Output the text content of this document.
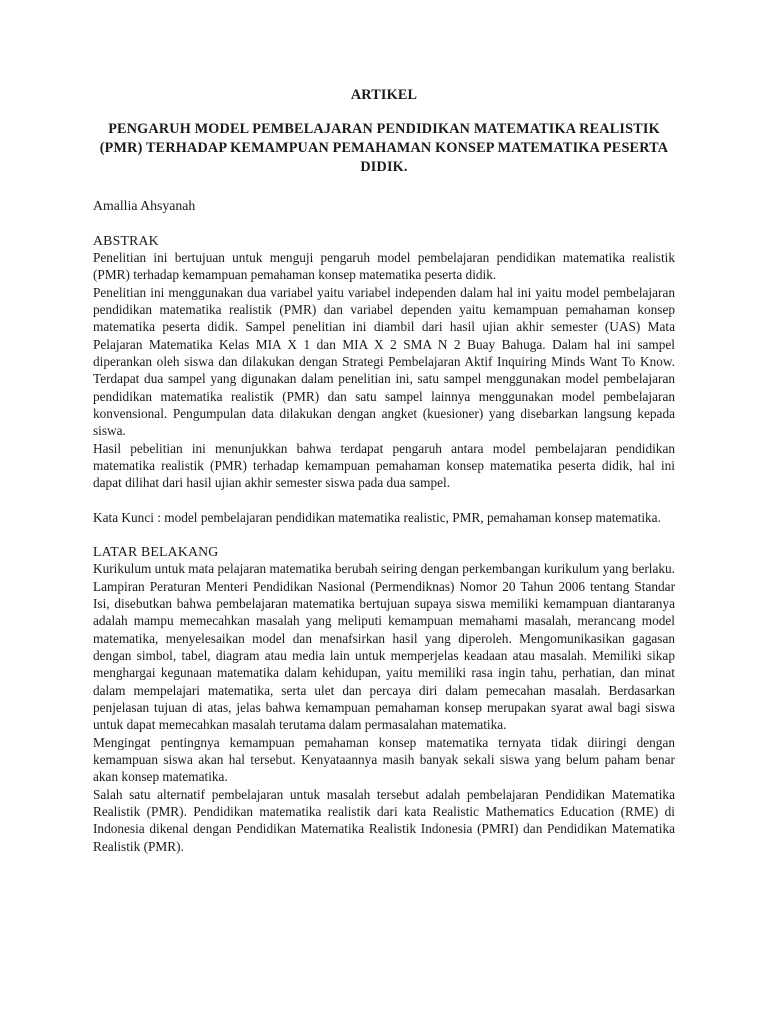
ARTIKEL

PENGARUH MODEL PEMBELAJARAN PENDIDIKAN MATEMATIKA REALISTIK (PMR) TERHADAP KEMAMPUAN PEMAHAMAN KONSEP MATEMATIKA PESERTA DIDIK.

Amallia Ahsyanah

ABSTRAK

Penelitian ini bertujuan untuk menguji pengaruh model pembelajaran pendidikan matematika realistik (PMR) terhadap kemampuan pemahaman konsep matematika peserta didik.

Penelitian ini menggunakan dua variabel yaitu variabel independen dalam hal ini yaitu model pembelajaran pendidikan matematika realistik (PMR) dan variabel dependen yaitu kemampuan pemahaman konsep matematika peserta didik. Sampel penelitian ini diambil dari hasil ujian akhir semester (UAS) Mata Pelajaran Matematika Kelas MIA X 1 dan MIA X 2 SMA N 2 Buay Bahuga. Dalam hal ini sampel diperankan oleh siswa dan dilakukan dengan Strategi Pembelajaran Aktif Inquiring Minds Want To Know. Terdapat dua sampel yang digunakan dalam penelitian ini, satu sampel menggunakan model pembelajaran pendidikan matematika realistik (PMR) dan satu sampel lainnya menggunakan model pembelajaran konvensional. Pengumpulan data dilakukan dengan angket (kuesioner) yang disebarkan langsung kepada siswa.

Hasil pebelitian ini menunjukkan bahwa terdapat pengaruh antara model pembelajaran pendidikan matematika realistik (PMR) terhadap kemampuan pemahaman konsep matematika peserta didik, hal ini dapat dilihat dari hasil ujian akhir semester siswa pada dua sampel.

Kata Kunci : model pembelajaran pendidikan matematika realistic, PMR, pemahaman konsep matematika.

LATAR BELAKANG

Kurikulum untuk mata pelajaran matematika berubah seiring dengan perkembangan kurikulum yang berlaku. Lampiran Peraturan Menteri Pendidikan Nasional (Permendiknas) Nomor 20 Tahun 2006 tentang Standar Isi, disebutkan bahwa pembelajaran matematika bertujuan supaya siswa memiliki kemampuan diantaranya adalah mampu memecahkan masalah yang meliputi kemampuan memahami masalah, merancang model matematika, menyelesaikan model dan menafsirkan hasil yang diperoleh. Mengomunikasikan gagasan dengan simbol, tabel, diagram atau media lain untuk memperjelas keadaan atau masalah. Memiliki sikap menghargai kegunaan matematika dalam kehidupan, yaitu memiliki rasa ingin tahu, perhatian, dan minat dalam mempelajari matematika, serta ulet dan percaya diri dalam pemecahan masalah. Berdasarkan penjelasan tujuan di atas, jelas bahwa kemampuan pemahaman konsep merupakan syarat awal bagi siswa untuk dapat memecahkan masalah terutama dalam permasalahan matematika.

Mengingat pentingnya kemampuan pemahaman konsep matematika ternyata tidak diiringi dengan kemampuan siswa akan hal tersebut. Kenyataannya masih banyak sekali siswa yang belum paham benar akan konsep matematika.

Salah satu alternatif pembelajaran untuk masalah tersebut adalah pembelajaran Pendidikan Matematika Realistik (PMR). Pendidikan matematika realistik dari kata Realistic Mathematics Education (RME) di Indonesia dikenal dengan Pendidikan Matematika Realistik Indonesia (PMRI) dan Pendidikan Matematika Realistik (PMR).
